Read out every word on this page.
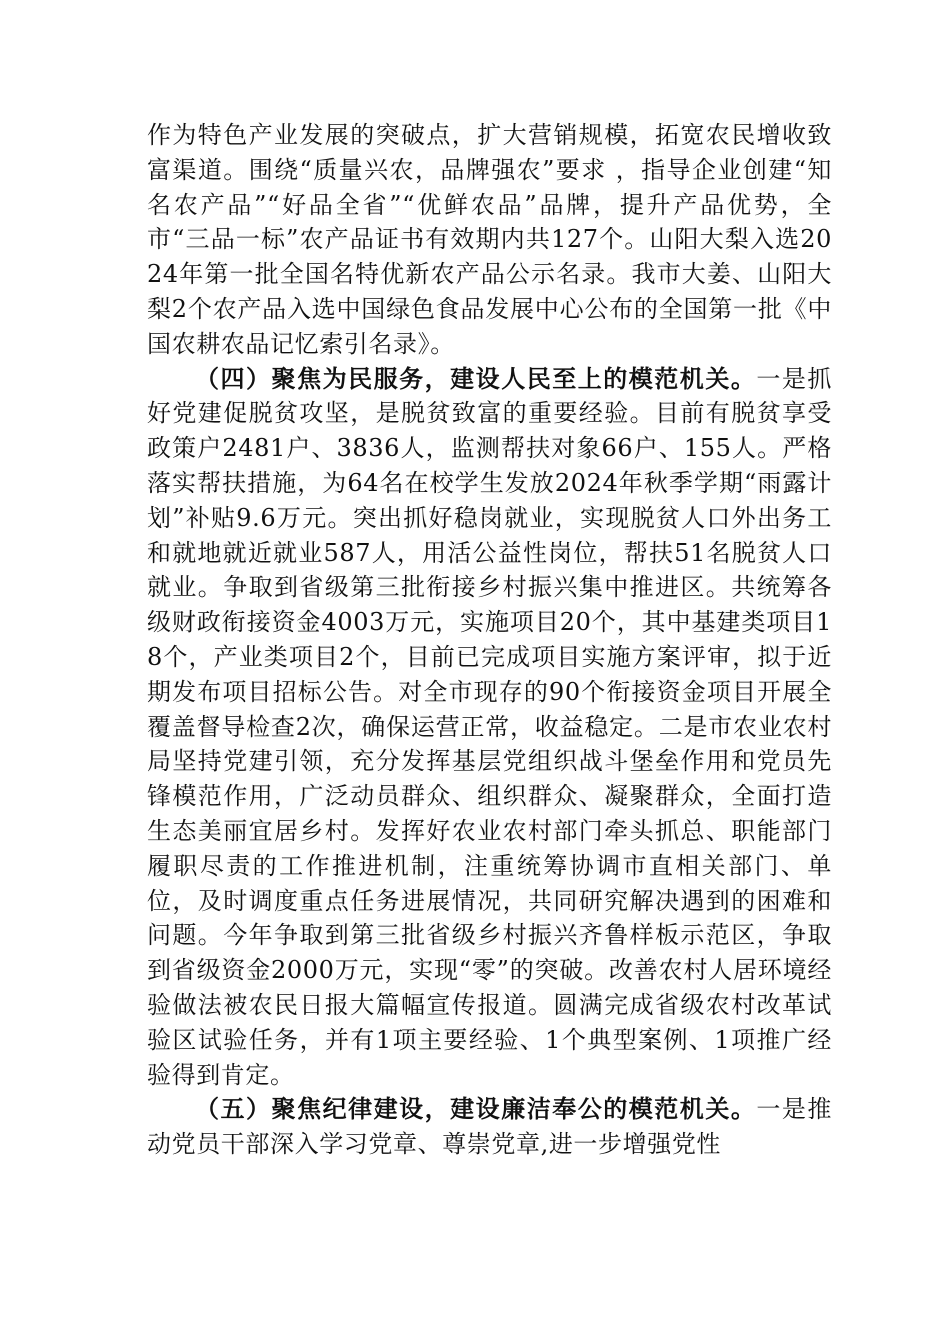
作为特色产业发展的突破点，扩大营销规模，拓宽农民增收致富渠道。围绕“质量兴农，品牌强农”要求 ，指导企业创建“知名农产品”“好品全省”“优鲜农品”品牌，提升产品优势，全市“三品一标”农产品证书有效期内共127个。山阳大梨入选2024年第一批全国名特优新农产品公示名录。我市大姜、山阳大梨2个农产品入选中国绿色食品发展中心公布的全国第一批《中国农耕农品记忆索引名录》。

（四）聚焦为民服务，建设人民至上的模范机关。一是抓好党建促脱贫攻坚，是脱贫致富的重要经验。目前有脱贫享受政策户2481户、3836人，监测帮扶对象66户、155人。严格落实帮扶措施，为64名在校学生发放2024年秋季学期“雨露计划”补贴9.6万元。突出抓好稳岗就业，实现脱贫人口外出务工和就地就近就业587人，用活公益性岗位，帮扶51名脱贫人口就业。争取到省级第三批衔接乡村振兴集中推进区。共统筹各级财政衔接资金4003万元，实施项目20个，其中基建类项目18个，产业类项目2个，目前已完成项目实施方案评审，拟于近期发布项目招标公告。对全市现存的90个衔接资金项目开展全覆盖督导检查2次，确保运营正常，收益稳定。二是市农业农村局坚持党建引领，充分发挥基层党组织战斗堡垒作用和党员先锋模范作用，广泛动员群众、组织群众、凝聚群众，全面打造生态美丽宜居乡村。发挥好农业农村部门牵头抓总、职能部门履职尽责的工作推进机制，注重统筹协调市直相关部门、单位，及时调度重点任务进展情况，共同研究解决遇到的困难和问题。今年争取到第三批省级乡村振兴齐鲁样板示范区，争取到省级资金2000万元，实现“零”的突破。改善农村人居环境经验做法被农民日报大篇幅宣传报道。圆满完成省级农村改革试验区试验任务，并有1项主要经验、1个典型案例、1项推广经验得到肯定。

（五）聚焦纪律建设，建设廉洁奉公的模范机关。一是推动党员干部深入学习党章、尊崇党章,进一步增强党性
